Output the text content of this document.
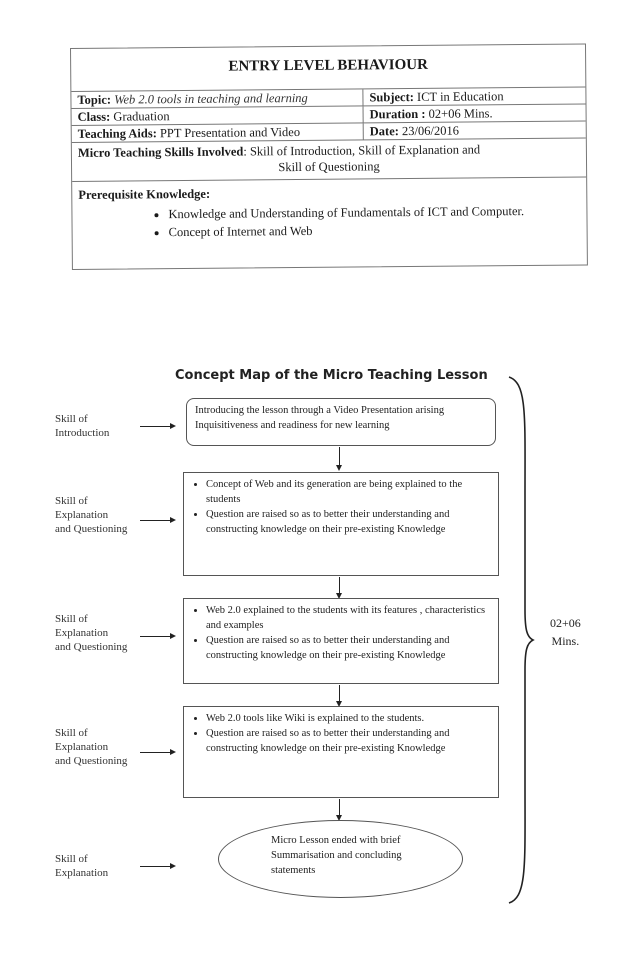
ENTRY LEVEL BEHAVIOUR
Topic: Web 2.0 tools in teaching and learning	Subject: ICT in Education
Class: Graduation	Duration : 02+06 Mins.
Teaching Aids: PPT Presentation and Video	Date: 23/06/2016
Micro Teaching Skills Involved: Skill of Introduction, Skill of Explanation and
Skill of Questioning
Prerequisite Knowledge:
• Knowledge and Understanding of Fundamentals of ICT and Computer.
• Concept of Internet and Web
Concept Map of the Micro Teaching Lesson
Skill of
Introduction
Introducing the lesson through a Video Presentation arising Inquisitiveness and readiness for new learning
Skill of
Explanation
and Questioning
• Concept of Web and its generation are being explained to the students
• Question are raised so as to better their understanding and constructing knowledge on their pre-existing Knowledge
Skill of
Explanation
and Questioning
• Web 2.0 explained to the students with its features , characteristics and examples
• Question are raised so as to better their understanding and constructing knowledge on their pre-existing Knowledge
Skill of
Explanation
and Questioning
• Web 2.0 tools like Wiki is explained to the students.
• Question are raised so as to better their understanding and constructing knowledge on their pre-existing Knowledge
Skill of
Explanation
Micro Lesson ended with brief Summarisation and concluding statements
02+06
Mins.
